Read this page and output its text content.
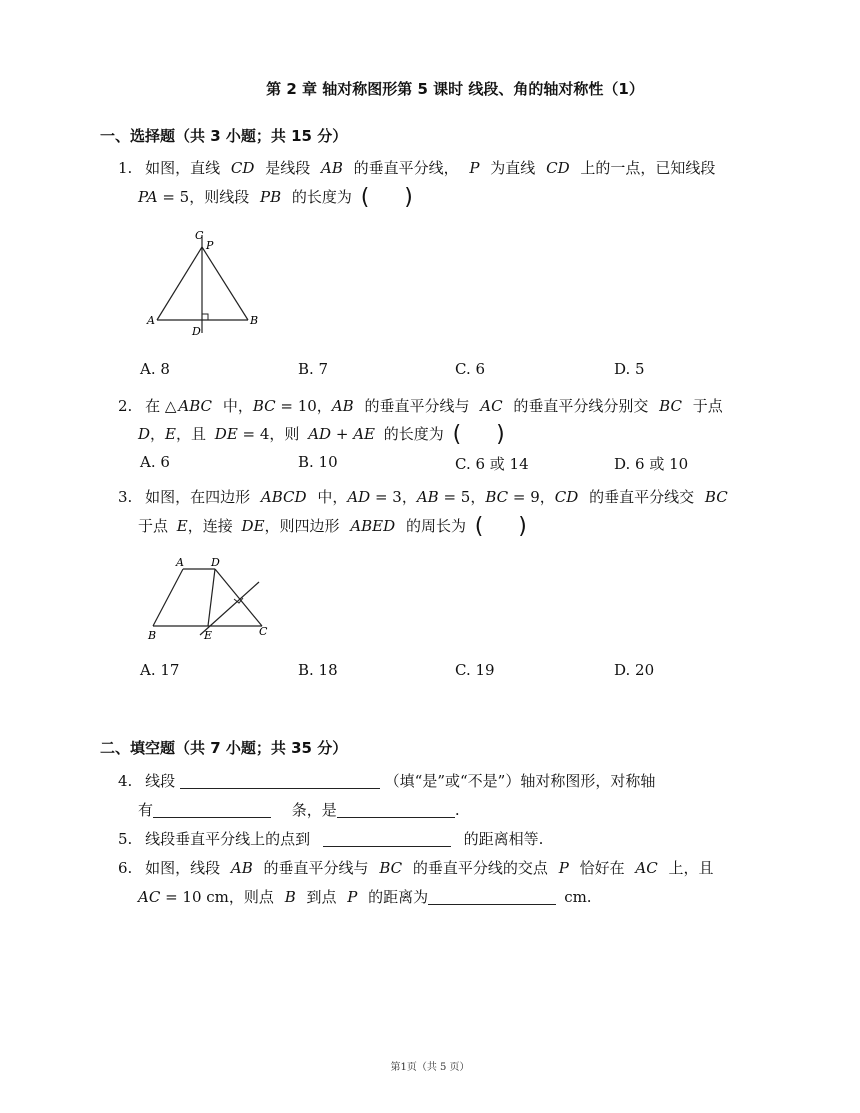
第 2 章 轴对称图形第 5 课时 线段、角的轴对称性（1）
一、选择题（共 3 小题；共 15 分）
1. 如图，直线 CD 是线段 AB 的垂直平分线， P 为直线 CD 上的一点，已知线段
PA = 5，则线段 PB 的长度为 (     )
C
P
A
D
B
A. 8	B. 7	C. 6	D. 5
2. 在 △ ABC 中，BC = 10，AB 的垂直平分线与 AC 的垂直平分线分别交 BC 于点
D，E，且 DE = 4，则 AD + AE 的长度为 (     )
A. 6	B. 10	C. 6 或 14	D. 6 或 10
3. 如图，在四边形 ABCD 中，AD = 3，AB = 5，BC = 9，CD 的垂直平分线交 BC
于点 E，连接 DE，则四边形 ABED 的周长为 (     )
A D
B	E	C
A. 17	B. 18	C. 19	D. 20
二、填空题（共 7 小题；共 35 分）
4. 线段	（填“是”或“不是”）轴对称图形，对称轴
有	条，是	.
5. 线段垂直平分线上的点到	的距离相等.
6. 如图，线段 AB 的垂直平分线与 BC 的垂直平分线的交点 P 恰好在 AC 上，且
AC = 10 cm，则点 B 到点 P 的距离为	cm.
第1页（共 5 页）
